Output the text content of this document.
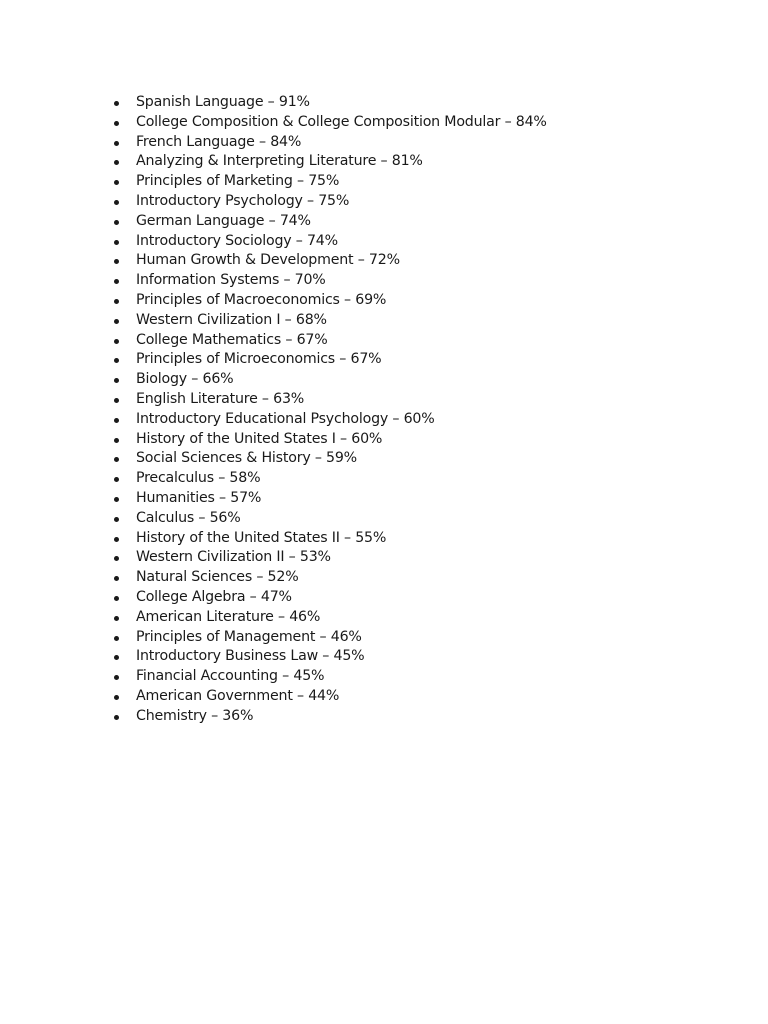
Spanish Language – 91%
College Composition & College Composition Modular – 84%
French Language – 84%
Analyzing & Interpreting Literature – 81%
Principles of Marketing – 75%
Introductory Psychology – 75%
German Language – 74%
Introductory Sociology – 74%
Human Growth & Development – 72%
Information Systems – 70%
Principles of Macroeconomics – 69%
Western Civilization I – 68%
College Mathematics – 67%
Principles of Microeconomics – 67%
Biology – 66%
English Literature – 63%
Introductory Educational Psychology – 60%
History of the United States I – 60%
Social Sciences & History – 59%
Precalculus – 58%
Humanities – 57%
Calculus – 56%
History of the United States II – 55%
Western Civilization II – 53%
Natural Sciences – 52%
College Algebra – 47%
American Literature – 46%
Principles of Management – 46%
Introductory Business Law – 45%
Financial Accounting – 45%
American Government – 44%
Chemistry – 36%
